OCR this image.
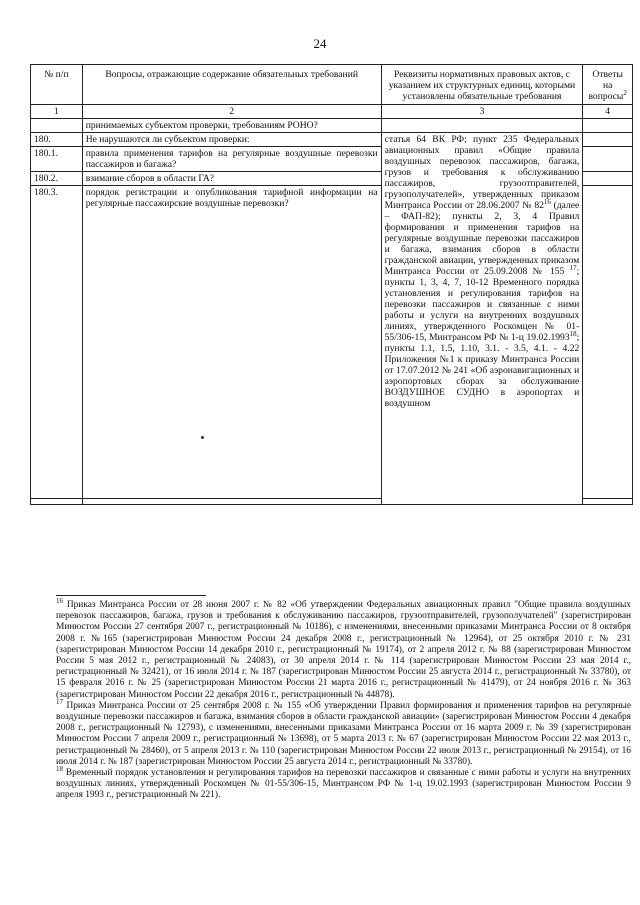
24
№ п/п	Вопросы, отражающие содержание обязательных требований	Реквизиты нормативных правовых актов, с указанием их структурных единиц, которыми установлены обязательные требования	Ответы
на
вопросы$^2$
1	2	3	4
	принимаемых субъектом проверки, требованиям РОНО?		
180.	Не нарушаются ли субъектом проверки:	статья 64 ВК РФ; пункт 235 Федеральных авиационных правил «Общие правила воздушных перевозок пассажиров, багажа, грузов и требования к обслуживанию пассажиров, грузоотправителей, грузополучателей», утвержденных приказом Минтранса России от 28.06.2007 № $82^{16}$ (далее – ФАП-82); пункты 2, 3, 4 Правил формирования и применения тарифов на регулярные воздушные перевозки пассажиров и багажа, взимания сборов в области гражданской авиации, утвержденных приказом Минтранса России от 25.09.2008 № 155 $^{17}$; пункты 1, 3, 4, 7, 10-12 Временного порядка установления и регулирования тарифов на перевозки пассажиров и связанные с ними работы и услуги на внутренних воздушных линиях, утвержденного Роскомцен № 01-55/306-15, Минтрансом РФ № 1-ц 19.02.1993$^{18}$; пункты 1.1, 1.5, 1.10, 3.1. - 3.5, 4.1. - 4.22 Приложения №1 к приказу Минтранса России от 17.07.2012 № 241 «Об аэронавигационных и аэропортовых сборах за обслуживание ВОЗДУШНОЕ СУДНО в аэропортах и воздушном	
180.1.	правила применения тарифов на регулярные воздушные перевозки пассажиров и багажа?		
180.2.	взимание сборов в области ГА?		
180.3.	порядок регистрации и опубликования тарифной информации на регулярные пассажирские воздушные перевозки?		

$^{16}$ Приказ Минтранса России от 28 июня 2007 г. № 82 «Об утверждении Федеральных авиационных правил "Общие правила воздушных перевозок пассажиров, багажа, грузов и требования к обслуживанию пассажиров, грузоотправителей, грузополучателей" (зарегистрирован Минюстом России 27 сентября 2007 г., регистрационный № 10186), с изменениями, внесенными приказами Минтранса России от 8 октября 2008 г. №165 (зарегистрирован Минюстом России 24 декабря 2008 г., регистрационный № 12964), от 25 октября 2010 г. № 231 (зарегистрирован Минюстом России 14 декабря 2010 г., регистрационный № 19174), от 2 апреля 2012 г. № 88 (зарегистрирован Минюстом России 5 мая 2012 г., регистрационный № 24083), от 30 апреля 2014 г. № 114 (зарегистрирован Минюстом России 23 мая 2014 г., регистрационный № 32421), от 16 июля 2014 г. № 187 (зарегистрирован Минюстом России 25 августа 2014 г., регистрационный № 33780), от 15 февраля 2016 г. № 25 (зарегистрирован Минюстом России 21 марта 2016 г., регистрационный № 41479), от 24 ноября 2016 г. № 363 (зарегистрирован Минюстом России 22 декабря 2016 г., регистрационный № 44878).

$^{17}$ Приказ Минтранса России от 25 сентября 2008 г. № 155 «Об утверждении Правил формирования и применения тарифов на регулярные воздушные перевозки пассажиров и багажа, взимания сборов в области гражданской авиации» (зарегистрирован Минюстом России 4 декабря 2008 г., регистрационный № 12793), с изменениями, внесенными приказами Минтранса России от 16 марта 2009 г. № 39 (зарегистрирован Минюстом России 7 апреля 2009 г., регистрационный № 13698), от 5 марта 2013 г. № 67 (зарегистрирован Минюстом России 22 мая 2013 г., регистрационный № 28460), от 5 апреля 2013 г. № 110 (зарегистрирован Минюстом России 22 июля 2013 г., регистрационный № 29154), от 16 июля 2014 г. № 187 (зарегистрирован Минюстом России 25 августа 2014 г., регистрационный № 33780).

$^{18}$ Временный порядок установления и регулирования тарифов на перевозки пассажиров и связанные с ними работы и услуги на внутренних воздушных линиях, утвержденный Роскомцен № 01-55/306-15, Минтрансом РФ № 1-ц 19.02.1993 (зарегистрирован Минюстом России 9 апреля 1993 г., регистрационный № 221).
